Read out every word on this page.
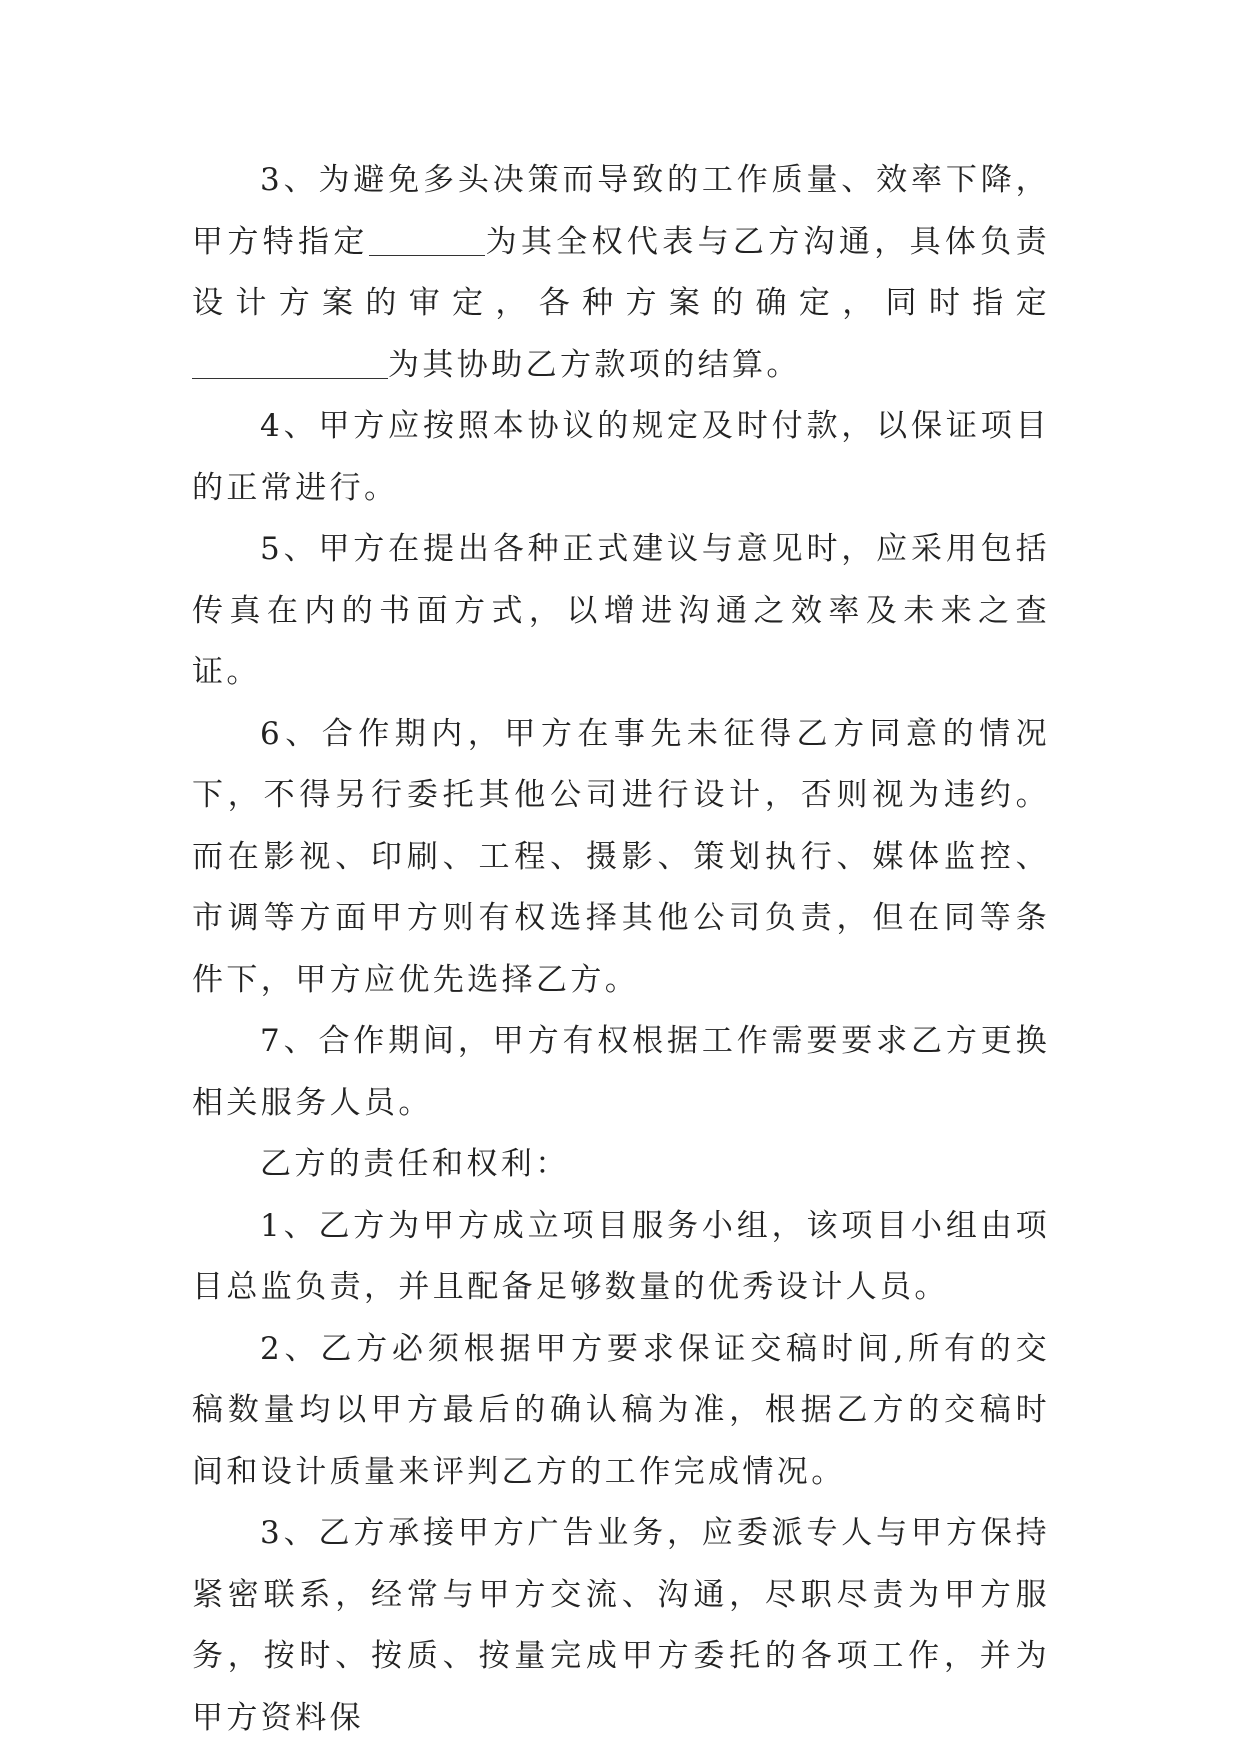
3、为避免多头决策而导致的工作质量、效率下降，甲方特指定	为其全权代表与乙方沟通，具体负责设计方案的审定，各种方案的确定，同时指定为其协助乙方款项的结算。

4、甲方应按照本协议的规定及时付款，以保证项目的正常进行。

5、甲方在提出各种正式建议与意见时，应采用包括传真在内的书面方式，以增进沟通之效率及未来之查证。

6、合作期内，甲方在事先未征得乙方同意的情况下，不得另行委托其他公司进行设计，否则视为违约。而在影视、印刷、工程、摄影、策划执行、媒体监控、市调等方面甲方则有权选择其他公司负责，但在同等条件下，甲方应优先选择乙方。

7、合作期间，甲方有权根据工作需要要求乙方更换相关服务人员。

乙方的责任和权利：

1、乙方为甲方成立项目服务小组，该项目小组由项目总监负责，并且配备足够数量的优秀设计人员。

2、乙方必须根据甲方要求保证交稿时间,所有的交稿数量均以甲方最后的确认稿为准，根据乙方的交稿时间和设计质量来评判乙方的工作完成情况。

3、乙方承接甲方广告业务，应委派专人与甲方保持紧密联系，经常与甲方交流、沟通，尽职尽责为甲方服务，按时、按质、按量完成甲方委托的各项工作，并为甲方资料保
